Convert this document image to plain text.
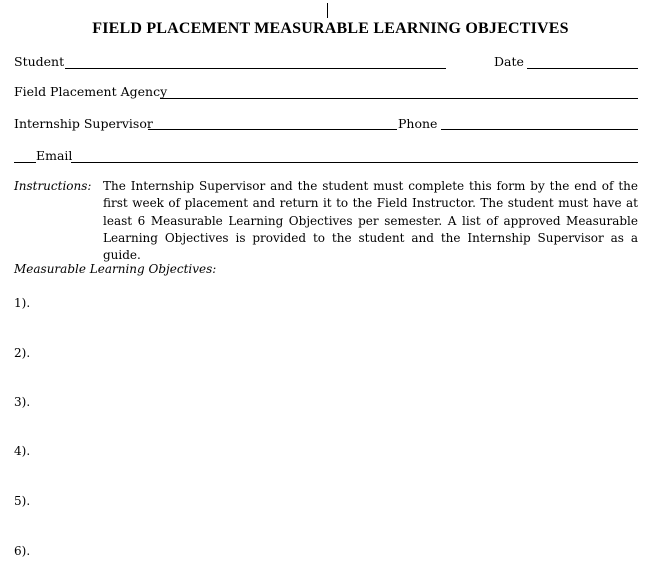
FIELD PLACEMENT MEASURABLE LEARNING OBJECTIVES
Student	Date
Field Placement Agency
Internship Supervisor	Phone
Email
Instructions: The Internship Supervisor and the student must complete this form by the end of the first week of placement and return it to the Field Instructor. The student must have at least 6 Measurable Learning Objectives per semester. A list of approved Measurable Learning Objectives is provided to the student and the Internship Supervisor as a guide.
Measurable Learning Objectives:
1).
2).
3).
4).
5).
6).
